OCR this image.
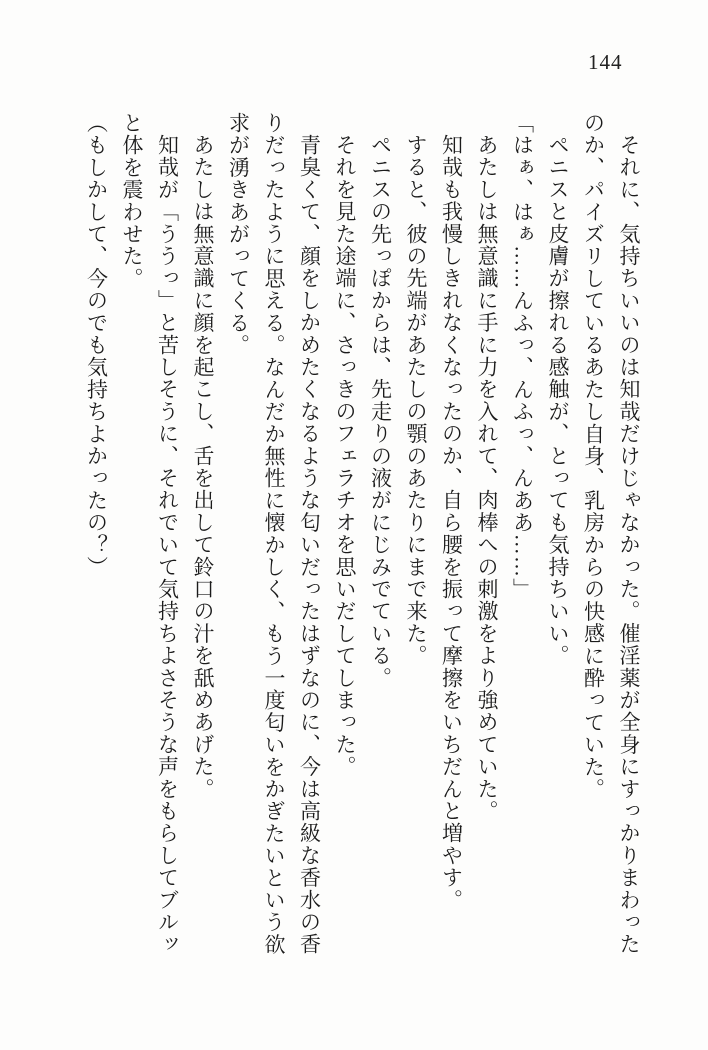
144

それに、気持ちいいのは知哉だけじゃなかった。催淫薬が全身にすっかりまわった

のか、パイズリしているあたし自身、乳房からの快感に酔っていた。

ペニスと皮膚が擦れる感触が、とっても気持ちいい。

「はぁ、はぁ……んふっ、んふっ、んああ……」

あたしは無意識に手に力を入れて、肉棒への刺激をより強めていた。

知哉も我慢しきれなくなったのか、自ら腰を振って摩擦をいちだんと増やす。

すると、彼の先端があたしの顎のあたりにまで来た。

ペニスの先っぽからは、先走りの液がにじみでている。

それを見た途端に、さっきのフェラチオを思いだしてしまった。

青臭くて、顔をしかめたくなるような匂いだったはずなのに、今は高級な香水の香

りだったように思える。なんだか無性に懐かしく、もう一度匂いをかぎたいという欲

求が湧きあがってくる。

あたしは無意識に顔を起こし、舌を出して鈴口の汁を舐めあげた。

知哉が「ううっ」と苦しそうに、それでいて気持ちよさそうな声をもらしてブルッ

と体を震わせた。

（もしかして、今のでも気持ちよかったの？）
